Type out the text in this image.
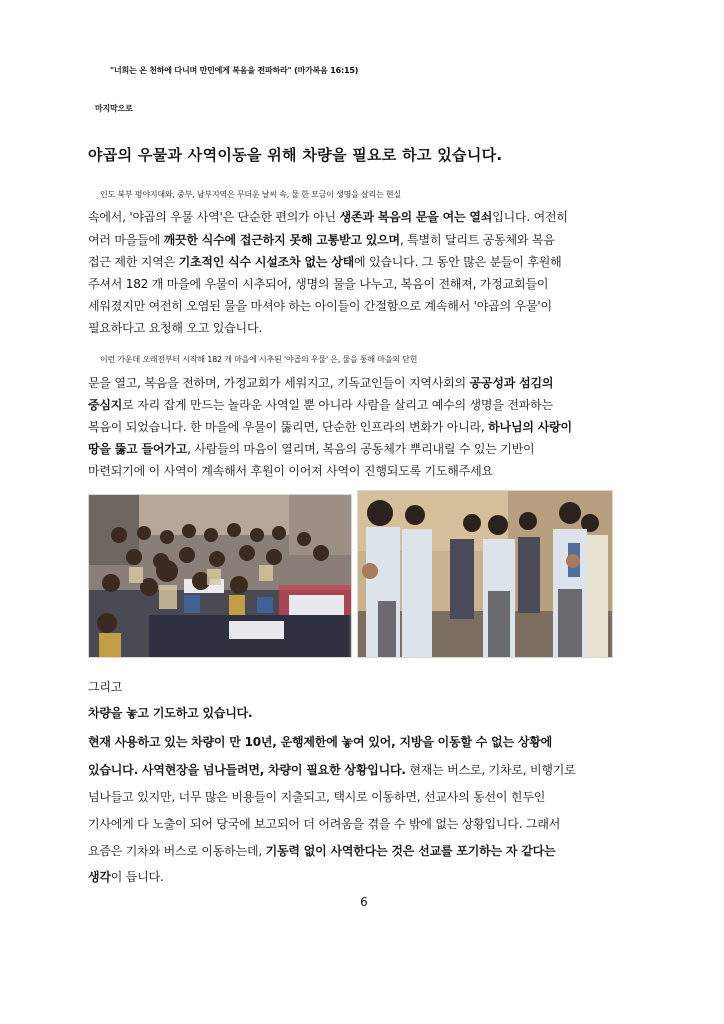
"너희는 온 천하에 다니며 만민에게 복음을 전파하라" (마가복음 16:15)
마지막으로
야곱의 우물과 사역이동을 위해 차량을 필요로 하고 있습니다.
인도 북부 펑야지대와, 중부, 남부지역은 무더운 날씨 속, 물 한 모금이 생명을 살리는 현실
속에서, '야곱의 우물 사역'은 단순한 편의가 아닌 생존과 복음의 문을 여는 열쇠입니다. 여전히
여러 마을들에 깨끗한 식수에 접근하지 못해 고통받고 있으며, 특별히 달리트 공동체와 복음
접근 제한 지역은 기초적인 식수 시설조차 없는 상태에 있습니다. 그 동안 많은 분들이 후원해
주셔서 182 개 마을에 우물이 시추되어, 생명의 물을 나누고, 복음이 전해져, 가정교회들이
세워졌지만 여전히 오염된 물을 마셔야 하는 아이들이 간절함으로 계속해서 '야곱의 우물'이
필요하다고 요청해 오고 있습니다.
이런 가운데 오래전부터 시작해 182 개 마을에 시추된 '야곱의 우물' 은, 물을 통해 마을의 닫힌
문을 열고, 복음을 전하며, 가정교회가 세워지고, 기독교인들이 지역사회의 공공성과 섬김의
중심지로 자리 잡게 만드는 놀라운 사역일 뿐 아니라 사람을 살리고 예수의 생명을 전파하는
복음이 되었습니다. 한 마을에 우물이 뚫리면, 단순한 인프라의 변화가 아니라, 하나님의 사랑이
땅을 뚫고 들어가고, 사람들의 마음이 열리며, 복음의 공동체가 뿌리내릴 수 있는 기반이
마련되기에 이 사역이 계속해서 후원이 이어져 사역이 진행되도록 기도해주세요
그리고
차량을 놓고 기도하고 있습니다.
현재 사용하고 있는 차량이 만 10년, 운행제한에 놓여 있어, 지방을 이동할 수 없는 상황에
있습니다. 사역현장을 넘나들려면, 차량이 필요한 상황입니다. 현재는 버스로, 기차로, 비행기로
넘나들고 있지만, 너무 많은 비용들이 지출되고, 택시로 이동하면, 선교사의 동선이 힌두인
기사에게 다 노출이 되어 당국에 보고되어 더 어려움을 겪을 수 밖에 없는 상황입니다. 그래서
요즘은 기차와 버스로 이동하는데, 기동력 없이 사역한다는 것은 선교를 포기하는 자 같다는
생각이 듭니다.
6
